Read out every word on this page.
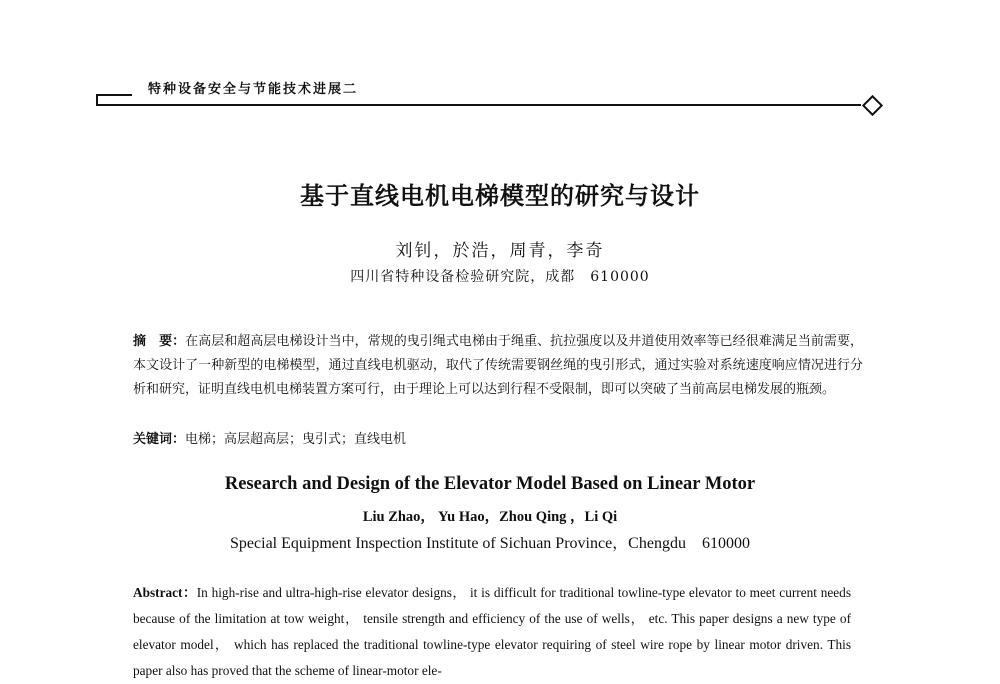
特种设备安全与节能技术进展二
基于直线电机电梯模型的研究与设计
刘钊，於浩，周青，李奇
四川省特种设备检验研究院，成都　610000
摘　要：在高层和超高层电梯设计当中，常规的曳引绳式电梯由于绳重、抗拉强度以及井道使用效率等已经很难满足当前需要，本文设计了一种新型的电梯模型，通过直线电机驱动，取代了传统需要钢丝绳的曳引形式，通过实验对系统速度响应情况进行分析和研究，证明直线电机电梯装置方案可行，由于理论上可以达到行程不受限制，即可以突破了当前高层电梯发展的瓶颈。
关键词：电梯；高层超高层；曳引式；直线电机
Research and Design of the Elevator Model Based on Linear Motor
Liu Zhao， Yu Hao，Zhou Qing ，Li Qi
Special Equipment Inspection Institute of Sichuan Province，Chengdu　610000
Abstract：In high-rise and ultra-high-rise elevator designs， it is difficult for traditional towline-type elevator to meet current needs because of the limitation at tow weight， tensile strength and efficiency of the use of wells， etc. This paper designs a new type of elevator model， which has replaced the traditional towline-type elevator requiring of steel wire rope by linear motor driven. This paper also has proved that the scheme of linear-motor ele-
